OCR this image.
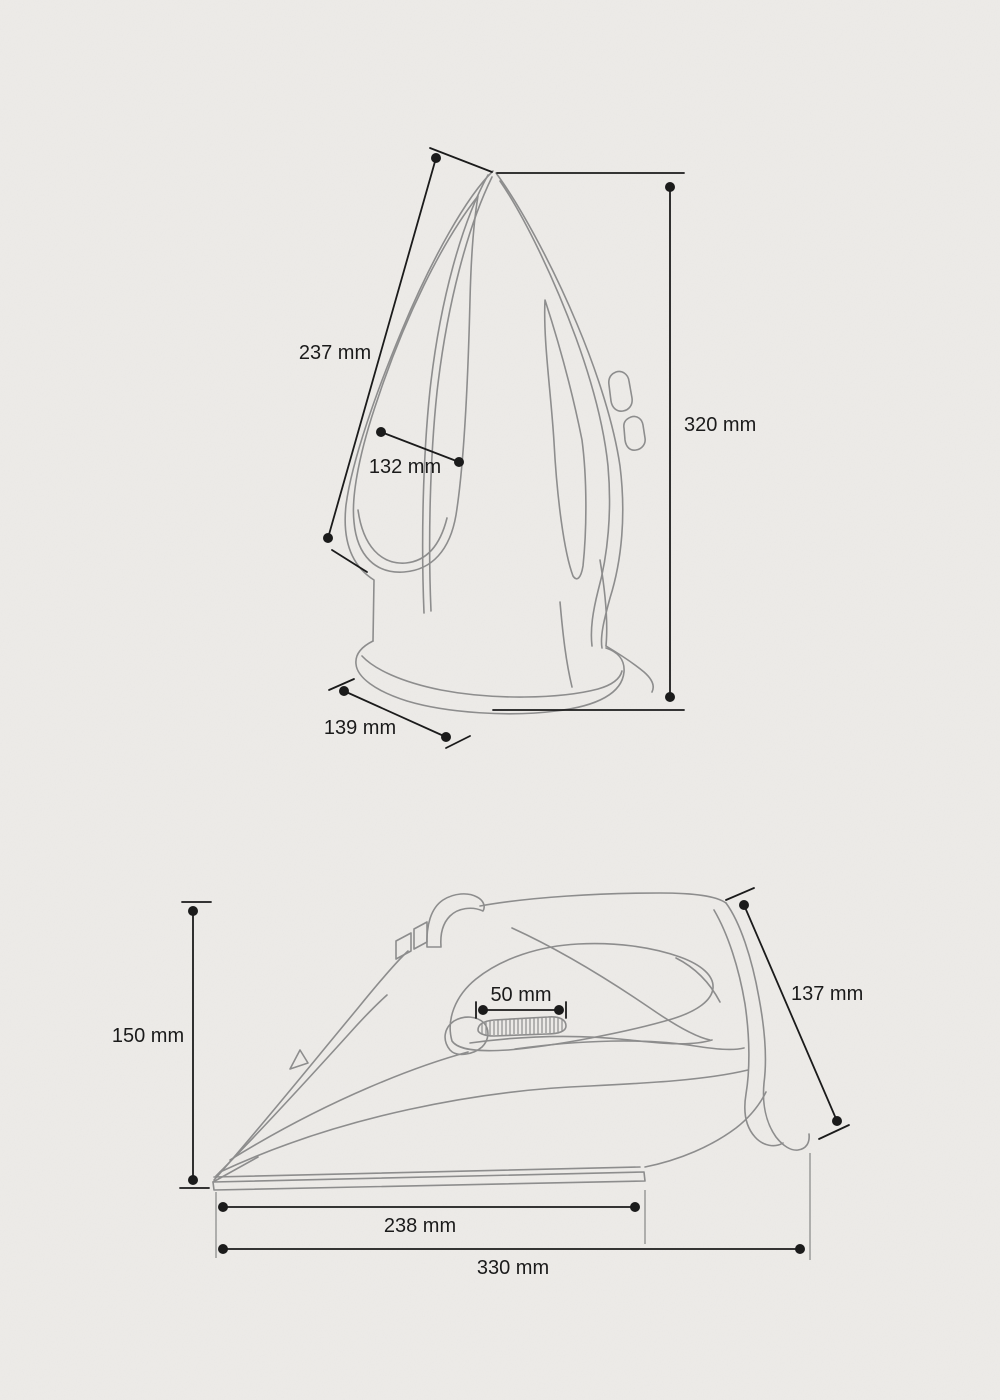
237 mm
132 mm
320 mm
139 mm
150 mm
50 mm	137 mm
238 mm
330 mm
